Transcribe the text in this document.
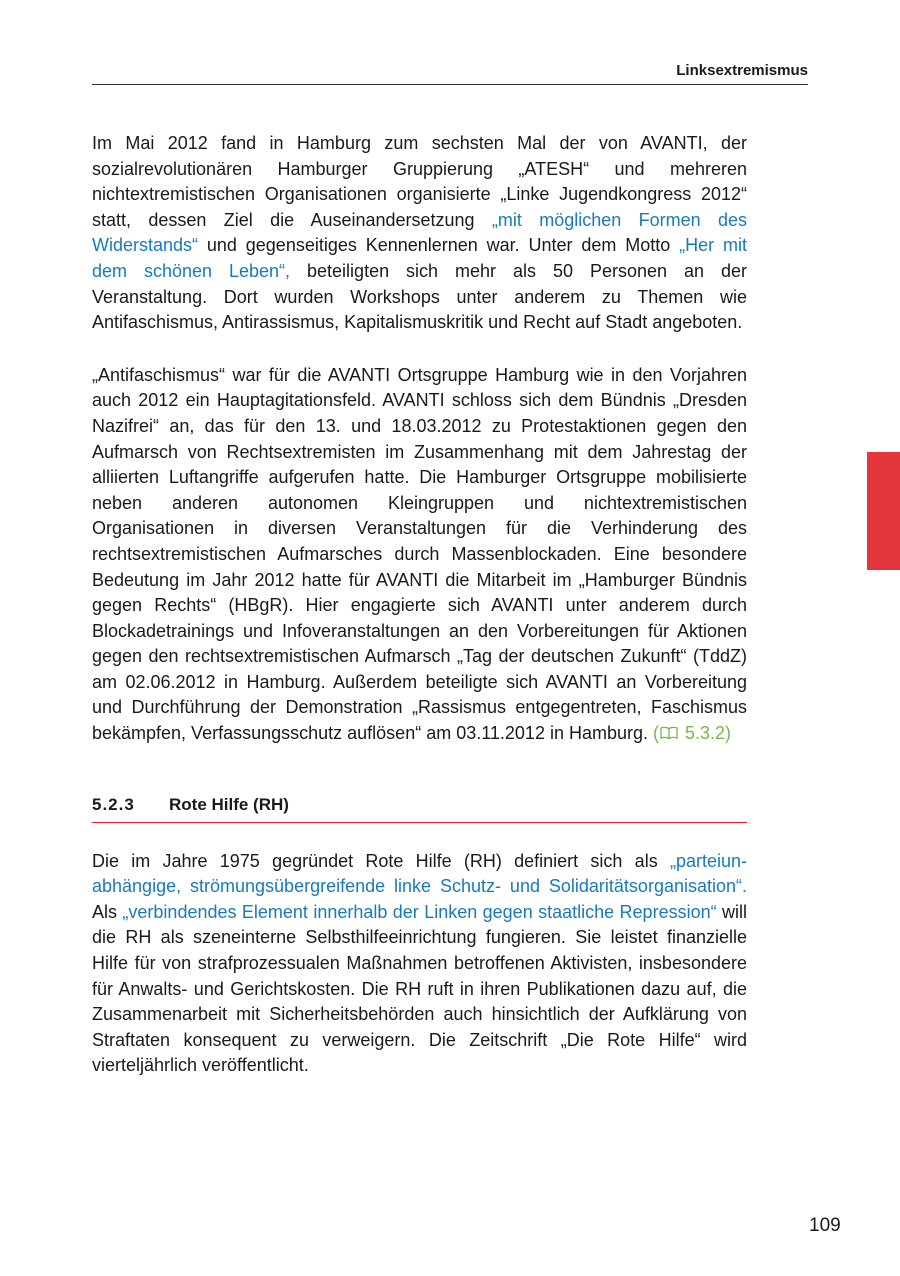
Linksextremismus

Im Mai 2012 fand in Hamburg zum sechsten Mal der von AVANTI, der sozialrevolutionären Hamburger Gruppierung „ATESH“ und mehreren nichtextremistischen Organisationen organisierte „Linke Jugendkongress 2012“ statt, dessen Ziel die Auseinandersetzung „mit möglichen Formen des Widerstands“ und gegenseitiges Kennenlernen war. Unter dem Motto „Her mit dem schönen Leben“, beteiligten sich mehr als 50 Personen an der Veranstaltung. Dort wurden Workshops unter anderem zu Themen wie Antifaschismus, Antirassismus, Kapitalismuskritik und Recht auf Stadt angeboten.

„Antifaschismus“ war für die AVANTI Ortsgruppe Hamburg wie in den Vorjahren auch 2012 ein Hauptagitationsfeld. AVANTI schloss sich dem Bündnis „Dresden Nazifrei“ an, das für den 13. und 18.03.2012 zu Protestaktionen gegen den Aufmarsch von Rechtsextremisten im Zusammenhang mit dem Jahrestag der alliierten Luftangriffe aufgerufen hatte. Die Hamburger Ortsgruppe mobilisierte neben anderen autonomen Kleingruppen und nichtextremistischen Organisationen in diversen Veranstaltungen für die Verhinderung des rechtsextremistischen Aufmarsches durch Massenblockaden. Eine besondere Bedeutung im Jahr 2012 hatte für AVANTI die Mitarbeit im „Hamburger Bündnis gegen Rechts“ (HBgR). Hier engagierte sich AVANTI unter anderem durch Blockadetrainings und Infoveranstaltungen an den Vorbereitungen für Aktionen gegen den rechtsextremistischen Aufmarsch „Tag der deutschen Zukunft“ (TddZ) am 02.06.2012 in Hamburg. Außerdem beteiligte sich AVANTI an Vorbereitung und Durchführung der Demonstration „Rassismus entgegentreten, Faschismus bekämpfen, Verfassungsschutz auflösen“ am 03.11.2012 in Hamburg. ( 5.3.2)

5.2.3 Rote Hilfe (RH)

Die im Jahre 1975 gegründet Rote Hilfe (RH) definiert sich als „parteiunabhängige, strömungsübergreifende linke Schutz- und Solidaritätsorganisation“. Als „verbindendes Element innerhalb der Linken gegen staatliche Repression“ will die RH als szeneinterne Selbsthilfeeinrichtung fungieren. Sie leistet finanzielle Hilfe für von strafprozessualen Maßnahmen betroffenen Aktivisten, insbesondere für Anwalts- und Gerichtskosten. Die RH ruft in ihren Publikationen dazu auf, die Zusammenarbeit mit Sicherheitsbehörden auch hinsichtlich der Aufklärung von Straftaten konsequent zu verweigern. Die Zeitschrift „Die Rote Hilfe“ wird vierteljährlich veröffentlicht.

109
